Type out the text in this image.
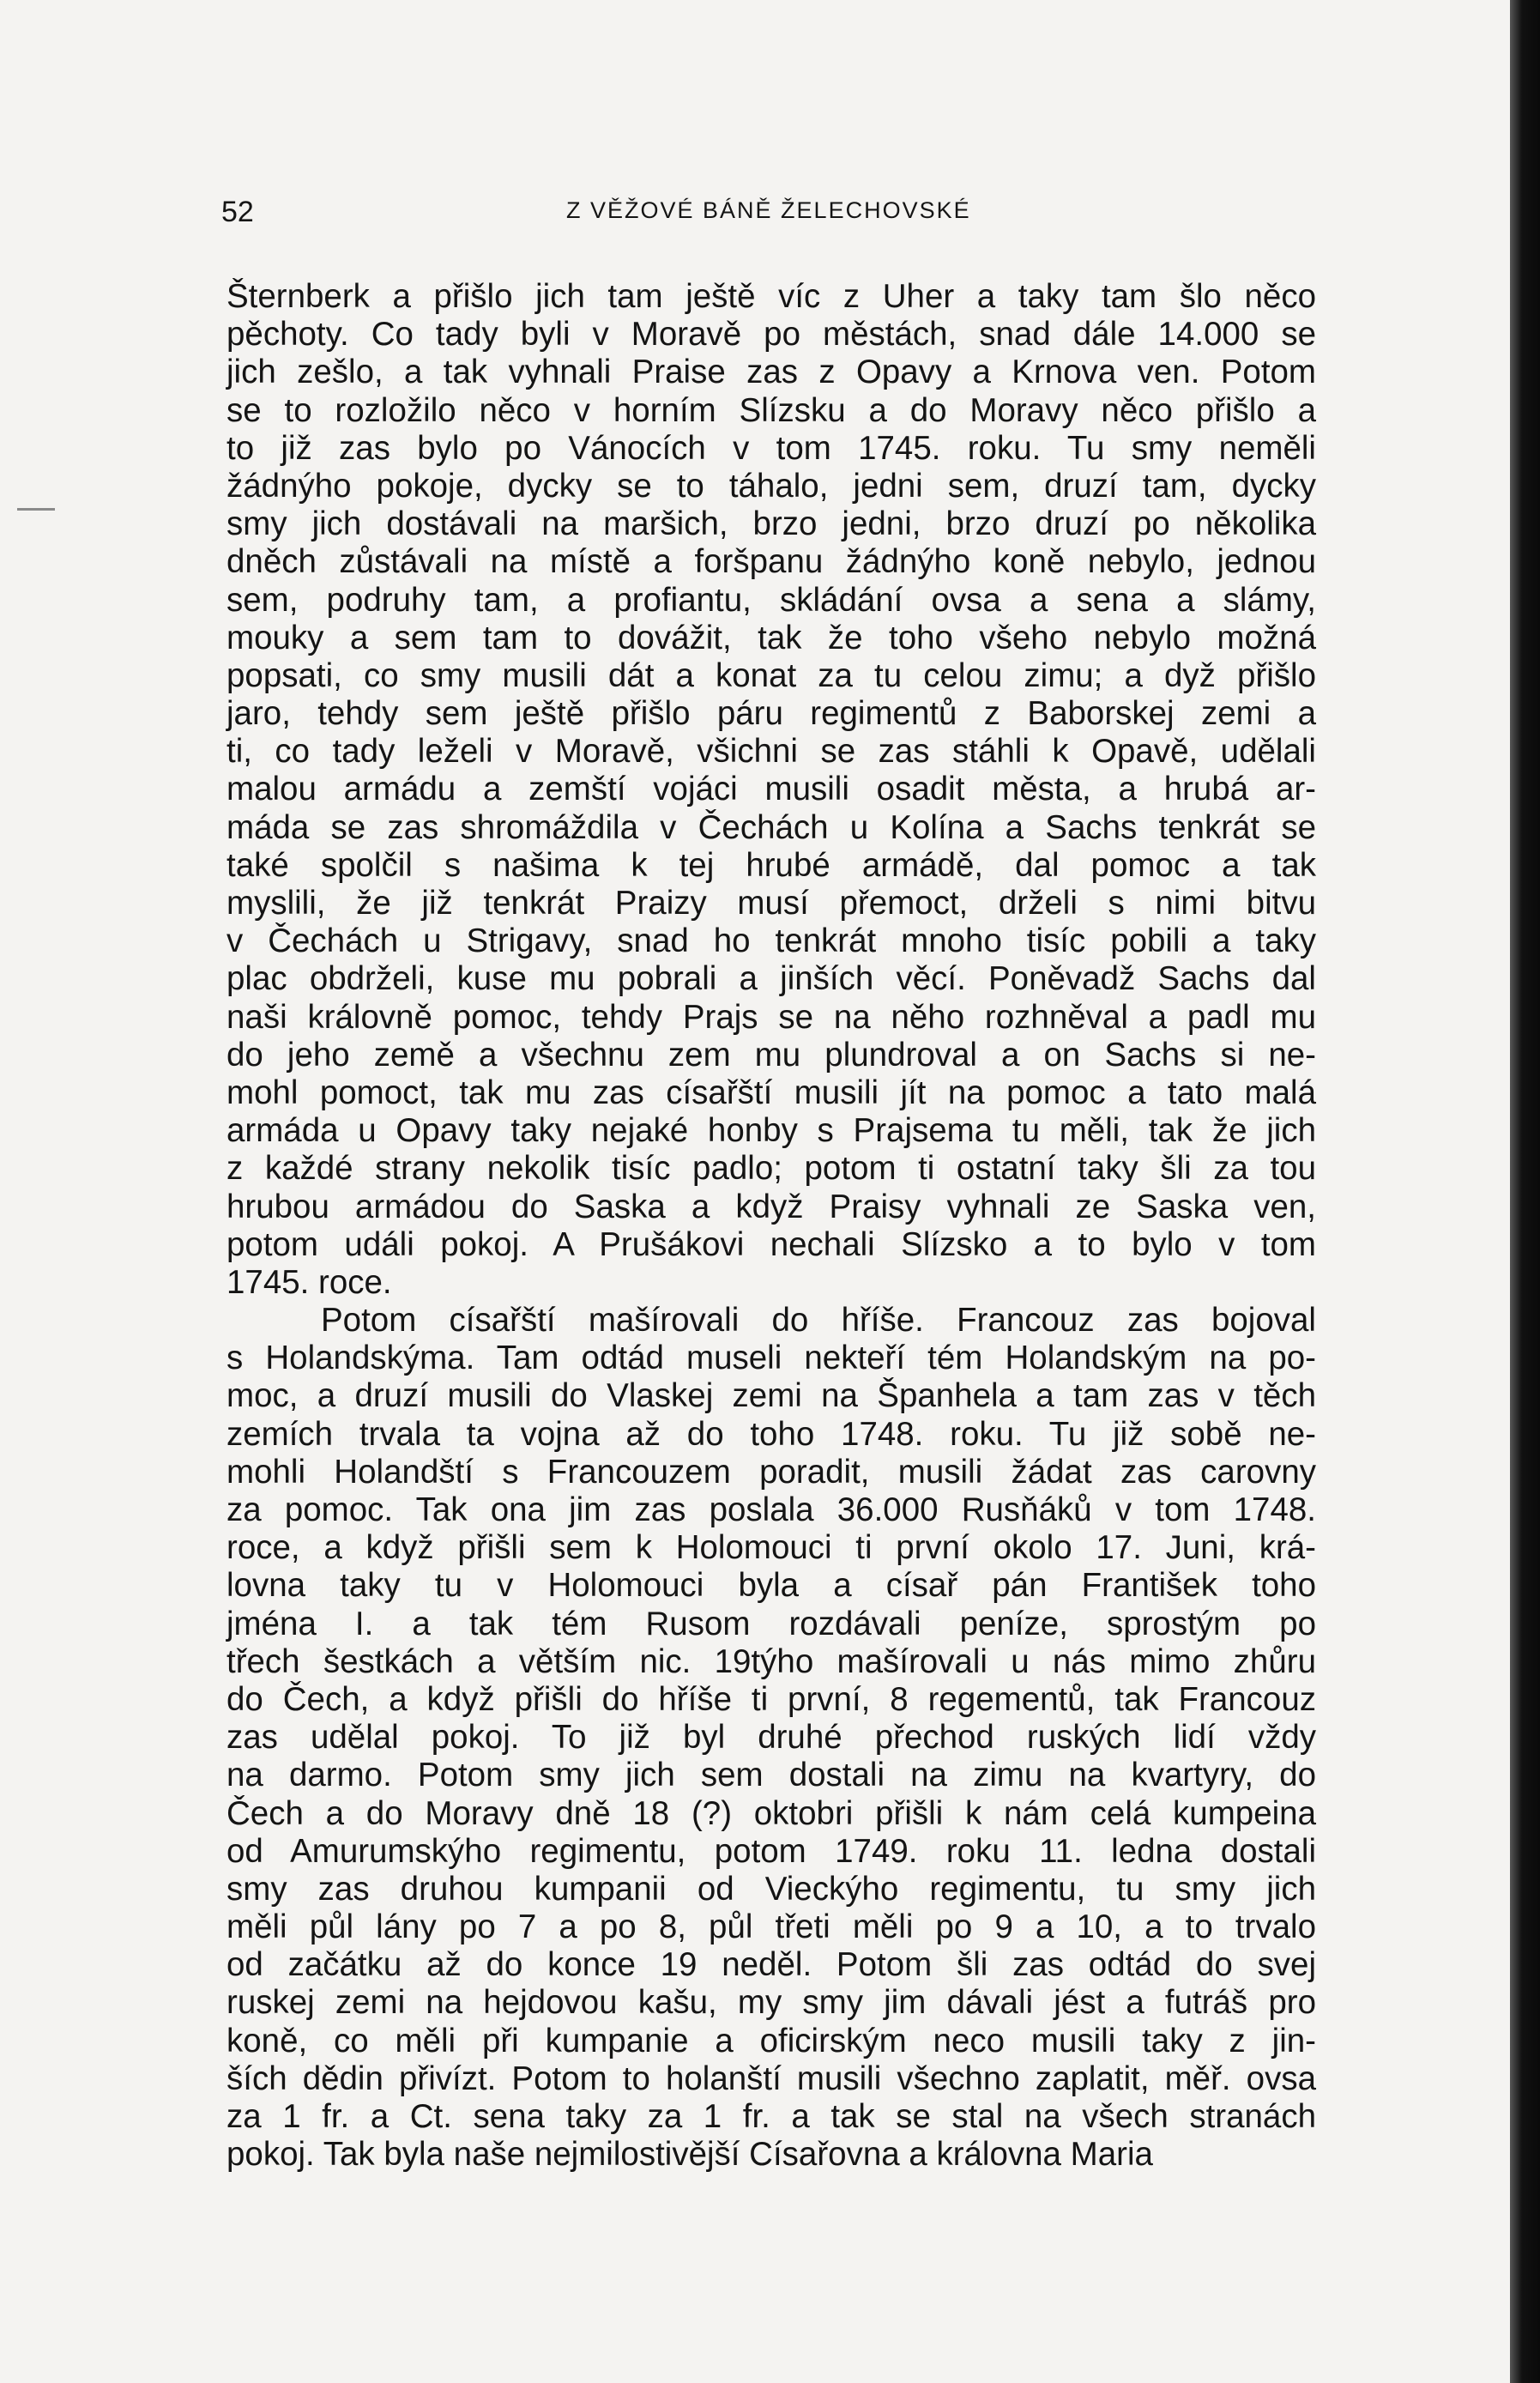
52	Z VĚŽOVÉ BÁNĚ ŽELECHOVSKÉ
Šternberk a přišlo jich tam ještě víc z Uher a taky tam šlo něco
pěchoty. Co tady byli v Moravě po městách, snad dále 14.000 se
jich zešlo, a tak vyhnali Praise zas z Opavy a Krnova ven. Potom
se to rozložilo něco v horním Slízsku a do Moravy něco přišlo a
to již zas bylo po Vánocích v tom 1745. roku. Tu smy neměli
žádnýho pokoje, dycky se to táhalo, jedni sem, druzí tam, dycky
smy jich dostávali na maršich, brzo jedni, brzo druzí po několika
dněch zůstávali na místě a foršpanu žádnýho koně nebylo, jednou
sem, podruhy tam, a profiantu, skládání ovsa a sena a slámy,
mouky a sem tam to dovážit, tak že toho všeho nebylo možná
popsati, co smy musili dát a konat za tu celou zimu; a dyž přišlo
jaro, tehdy sem ještě přišlo páru regimentů z Baborskej zemi a
ti, co tady leželi v Moravě, všichni se zas stáhli k Opavě, udělali
malou armádu a zemští vojáci musili osadit města, a hrubá ar-
máda se zas shromáždila v Čechách u Kolína a Sachs tenkrát se
také spolčil s našima k tej hrubé armádě, dal pomoc a tak
myslili, že již tenkrát Praizy musí přemoct, drželi s nimi bitvu
v Čechách u Strigavy, snad ho tenkrát mnoho tisíc pobili a taky
plac obdrželi, kuse mu pobrali a jinších věcí. Poněvadž Sachs dal
naši královně pomoc, tehdy Prajs se na něho rozhněval a padl mu
do jeho země a všechnu zem mu plundroval a on Sachs si ne-
mohl pomoct, tak mu zas císařští musili jít na pomoc a tato malá
armáda u Opavy taky nejaké honby s Prajsema tu měli, tak že jich
z každé strany nekolik tisíc padlo; potom ti ostatní taky šli za tou
hrubou armádou do Saska a když Praisy vyhnali ze Saska ven,
potom událi pokoj. A Prušákovi nechali Slízsko a to bylo v tom
1745. roce.
Potom císařští mašírovali do hříše. Francouz zas bojoval
s Holandskýma. Tam odtád museli nekteří tém Holandským na po-
moc, a druzí musili do Vlaskej zemi na Španhela a tam zas v těch
zemích trvala ta vojna až do toho 1748. roku. Tu již sobě ne-
mohli Holandští s Francouzem poradit, musili žádat zas carovny
za pomoc. Tak ona jim zas poslala 36.000 Rusňáků v tom 1748.
roce, a když přišli sem k Holomouci ti první okolo 17. Juni, krá-
lovna taky tu v Holomouci byla a císař pán František toho
jména I. a tak tém Rusom rozdávali peníze, sprostým po
třech šestkách a větším nic. 19týho mašírovali u nás mimo zhůru
do Čech, a když přišli do hříše ti první, 8 regementů, tak Francouz
zas udělal pokoj. To již byl druhé přechod ruských lidí vždy
na darmo. Potom smy jich sem dostali na zimu na kvartyry, do
Čech a do Moravy dně 18 (?) oktobri přišli k nám celá kumpeina
od Amurumskýho regimentu, potom 1749. roku 11. ledna dostali
smy zas druhou kumpanii od Vieckýho regimentu, tu smy jich
měli půl lány po 7 a po 8, půl třeti měli po 9 a 10, a to trvalo
od začátku až do konce 19 neděl. Potom šli zas odtád do svej
ruskej zemi na hejdovou kašu, my smy jim dávali jést a futráš pro
koně, co měli při kumpanie a oficirským neco musili taky z jin-
ších dědin přivízt. Potom to holanští musili všechno zaplatit, měř. ovsa
za 1 fr. a Ct. sena taky za 1 fr. a tak se stal na všech stranách
pokoj. Tak byla naše nejmilostivější Císařovna a královna Maria
